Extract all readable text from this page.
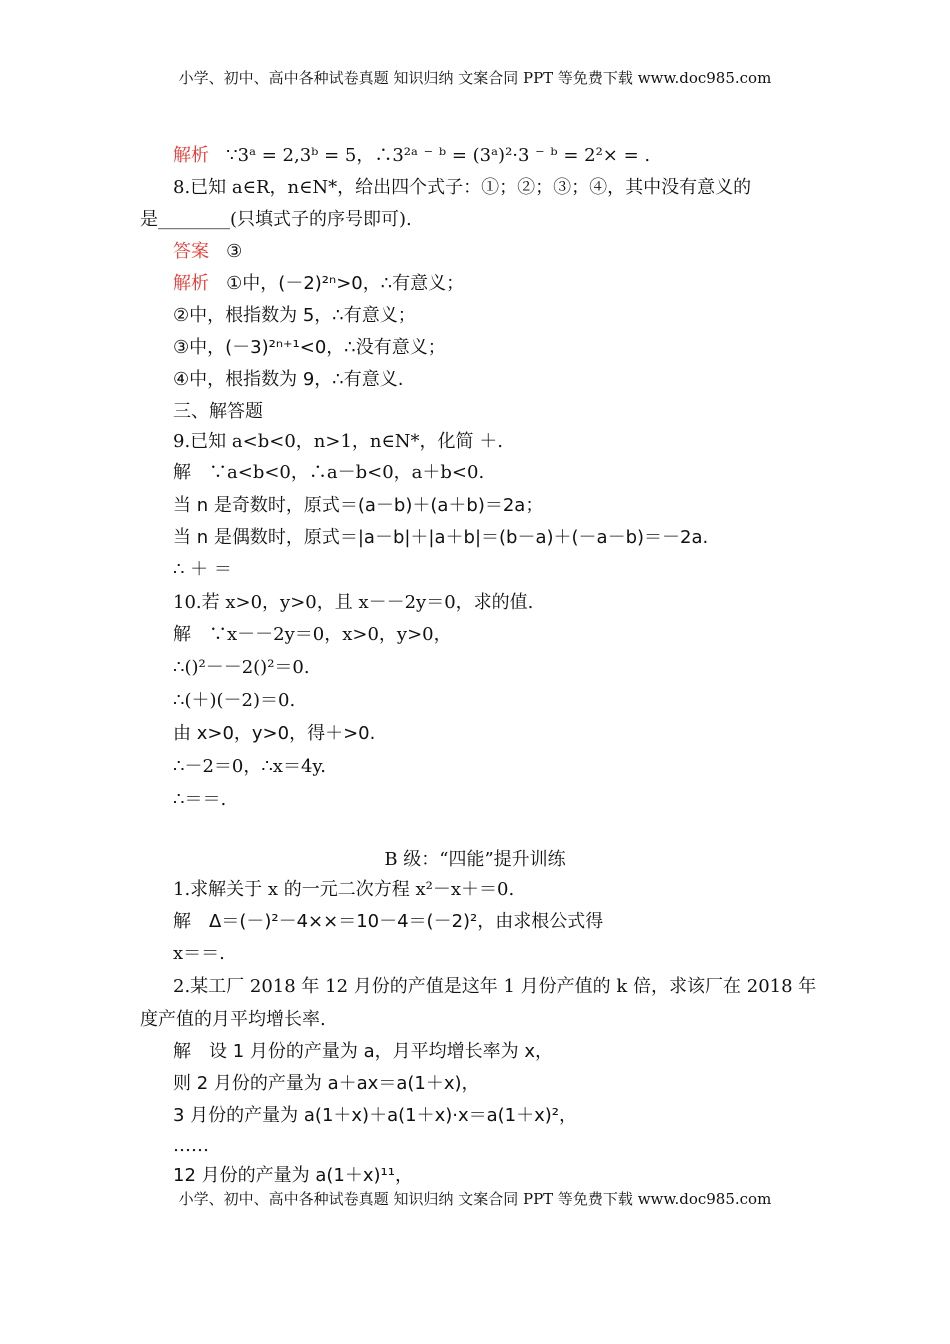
小学、初中、高中各种试卷真题 知识归纳 文案合同 PPT 等免费下载 www.doc985.com
解析 ∵3ᵃ = 2,3ᵇ = 5，∴3²ᵃ ⁻ ᵇ = (3ᵃ)²·3 ⁻ ᵇ = 2²× = .
8.已知 a∈R，n∈N*，给出四个式子：①；②；③；④，其中没有意义的
是________(只填式子的序号即可).
答案 ③
解析 ①中，(－2)²ⁿ>0，∴有意义；
②中，根指数为 5，∴有意义；
③中，(－3)²ⁿ⁺¹<0，∴没有意义；
④中，根指数为 9，∴有意义.
三、解答题
9.已知 a<b<0，n>1，n∈N*，化简 ＋.
解　∵a<b<0，∴a－b<0，a＋b<0.
当 n 是奇数时，原式＝(a－b)＋(a＋b)＝2a；
当 n 是偶数时，原式＝|a－b|＋|a＋b|＝(b－a)＋(－a－b)＝－2a.
∴ ＋ ＝
10.若 x>0，y>0，且 x－－2y＝0，求的值.
解　∵x－－2y＝0，x>0，y>0，
∴()²－－2()²＝0.
∴(＋)(－2)＝0.
由 x>0，y>0，得＋>0.
∴－2＝0，∴x＝4y.
∴＝＝.
B 级：“四能”提升训练
1.求解关于 x 的一元二次方程 x²－x＋＝0.
解　Δ＝(－)²－4××＝10－4＝(－2)²，由求根公式得
x＝＝.
2.某工厂 2018 年 12 月份的产值是这年 1 月份产值的 k 倍，求该厂在 2018 年
度产值的月平均增长率.
解　设 1 月份的产量为 a，月平均增长率为 x，
则 2 月份的产量为 a＋ax＝a(1＋x)，
3 月份的产量为 a(1＋x)＋a(1＋x)·x＝a(1＋x)²，
……
12 月份的产量为 a(1＋x)¹¹，
小学、初中、高中各种试卷真题 知识归纳 文案合同 PPT 等免费下载 www.doc985.com
